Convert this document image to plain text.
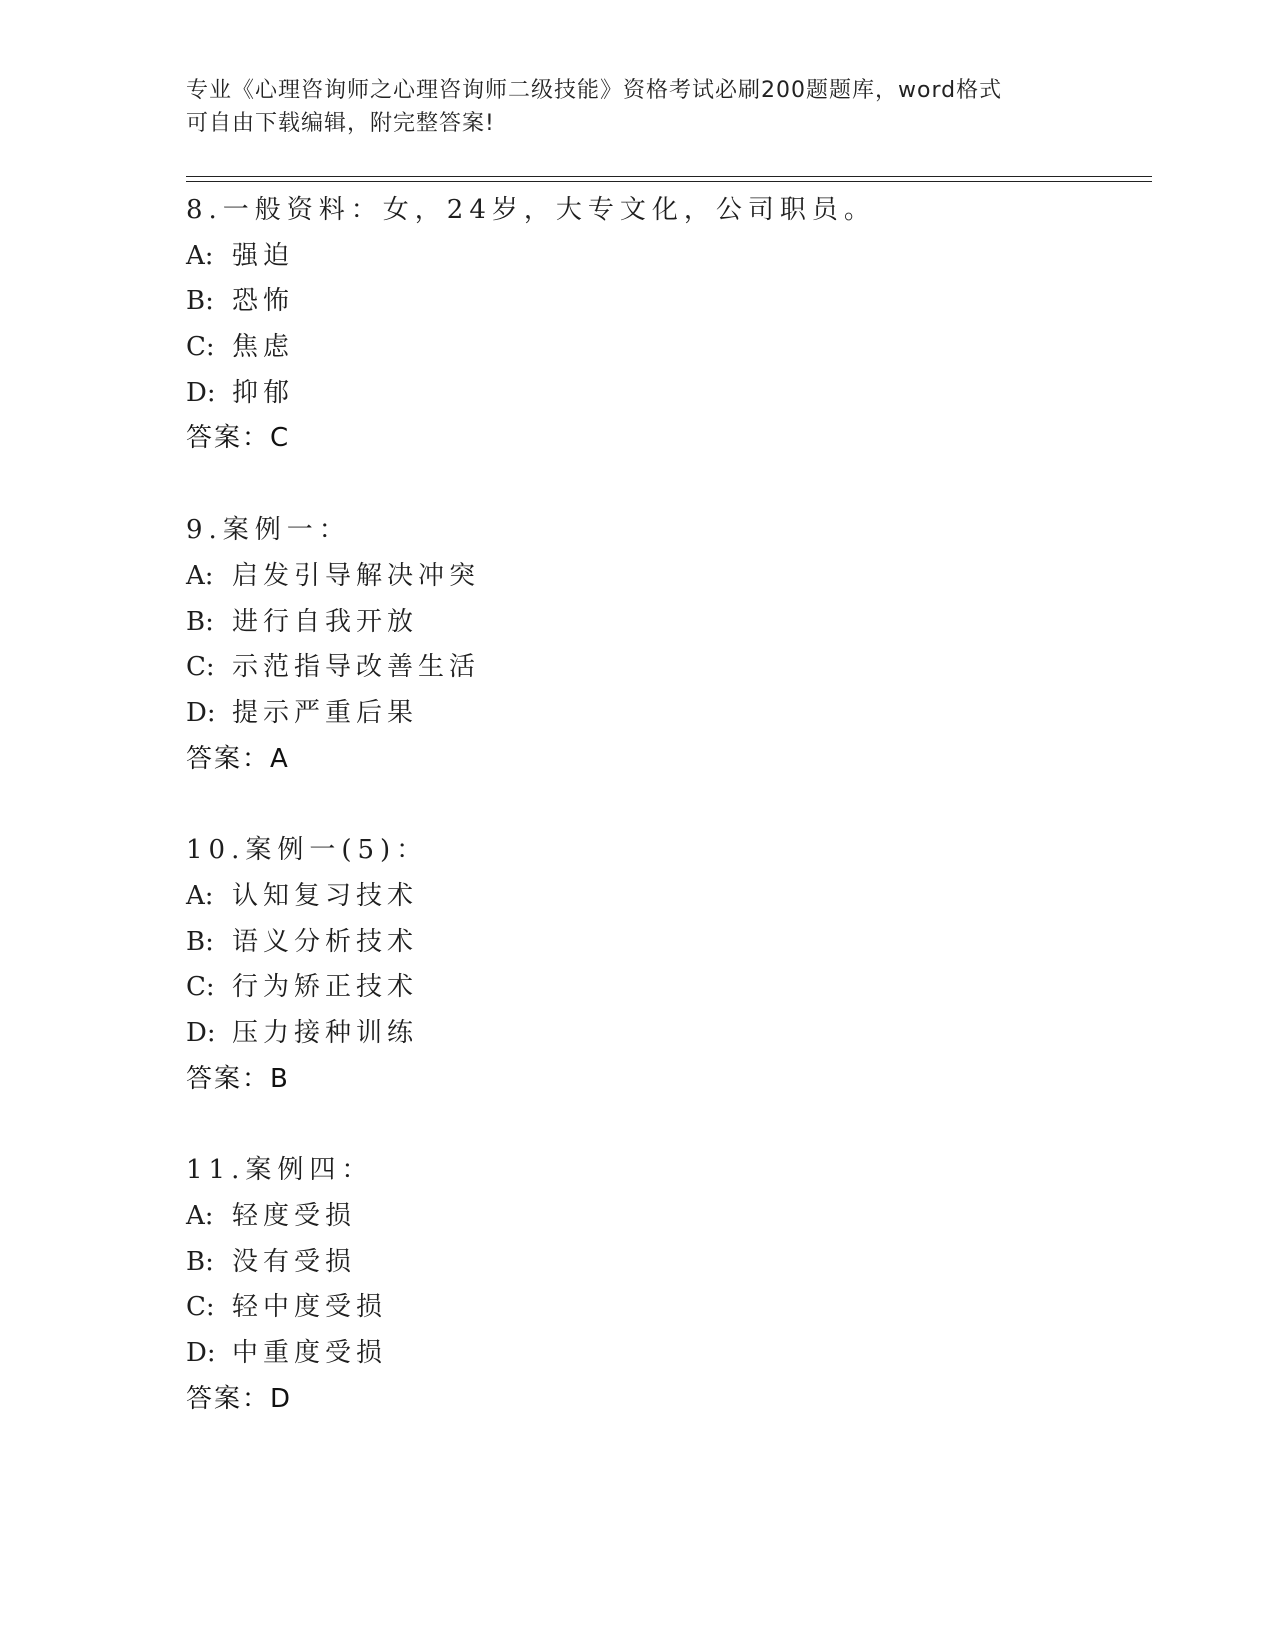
专业《心理咨询师之心理咨询师二级技能》资格考试必刷200题题库，word格式
可自由下载编辑，附完整答案!
8.一般资料：女，24岁，大专文化，公司职员。
A: 强迫
B: 恐怖
C: 焦虑
D: 抑郁
答案：C
9.案例一：
A: 启发引导解决冲突
B: 进行自我开放
C: 示范指导改善生活
D: 提示严重后果
答案：A
10.案例一(5)：
A: 认知复习技术
B: 语义分析技术
C: 行为矫正技术
D: 压力接种训练
答案：B
11.案例四：
A: 轻度受损
B: 没有受损
C: 轻中度受损
D: 中重度受损
答案：D
